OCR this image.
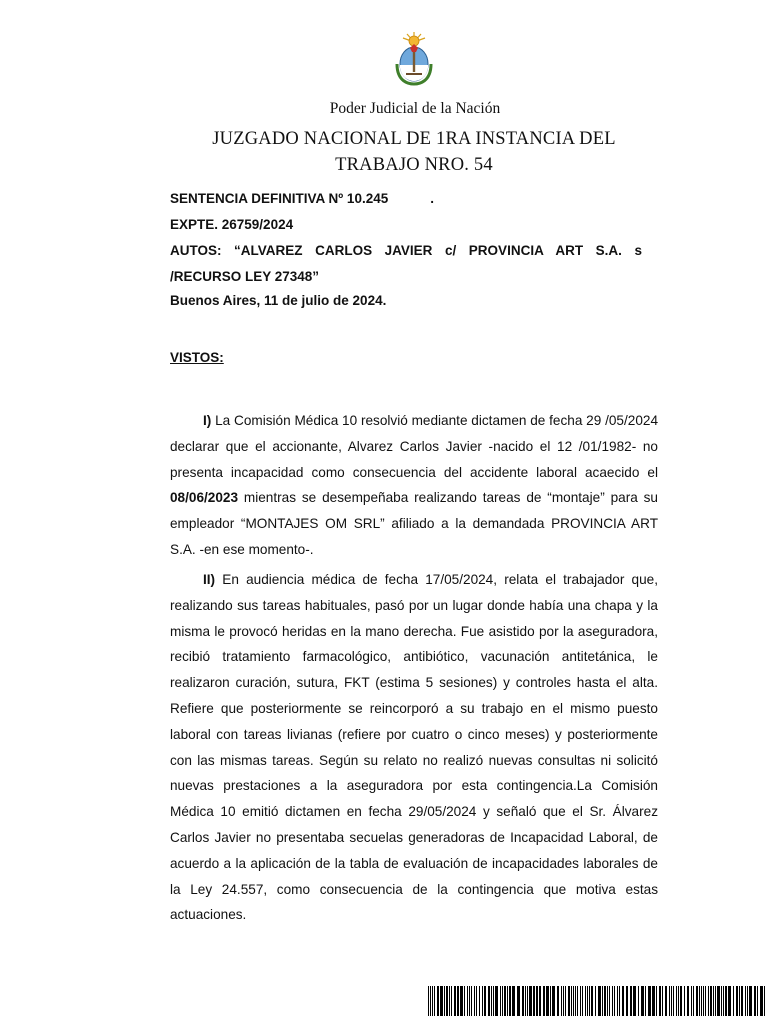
Poder Judicial de la Nación
JUZGADO NACIONAL DE 1RA INSTANCIA DEL
TRABAJO NRO. 54
SENTENCIA DEFINITIVA Nº 10.245	.
EXPTE. 26759/2024
AUTOS: “ALVAREZ CARLOS JAVIER c/ PROVINCIA ART S.A. s
/RECURSO LEY 27348”
Buenos Aires, 11 de julio de 2024.
VISTOS:

I) La Comisión Médica 10 resolvió mediante dictamen de fecha 29 /05/2024 declarar que el accionante, Alvarez Carlos Javier -nacido el 12 /01/1982- no presenta incapacidad como consecuencia del accidente laboral acaecido el 08/06/2023 mientras se desempeñaba realizando tareas de “montaje” para su empleador “MONTAJES OM SRL” afiliado a la demandada PROVINCIA ART S.A. -en ese momento-.

II) En audiencia médica de fecha 17/05/2024, relata el trabajador que, realizando sus tareas habituales, pasó por un lugar donde había una chapa y la misma le provocó heridas en la mano derecha. Fue asistido por la aseguradora, recibió tratamiento farmacológico, antibiótico, vacunación antitetánica, le realizaron curación, sutura, FKT (estima 5 sesiones) y controles hasta el alta. Refiere que posteriormente se reincorporó a su trabajo en el mismo puesto laboral con tareas livianas (refiere por cuatro o cinco meses) y posteriormente con las mismas tareas. Según su relato no realizó nuevas consultas ni solicitó nuevas prestaciones a la aseguradora por esta contingencia.La Comisión Médica 10 emitió dictamen en fecha 29/05/2024 y señaló que el Sr. Álvarez Carlos Javier no presentaba secuelas generadoras de Incapacidad Laboral, de acuerdo a la aplicación de la tabla de evaluación de incapacidades laborales de la Ley 24.557, como consecuencia de la contingencia que motiva estas actuaciones.
